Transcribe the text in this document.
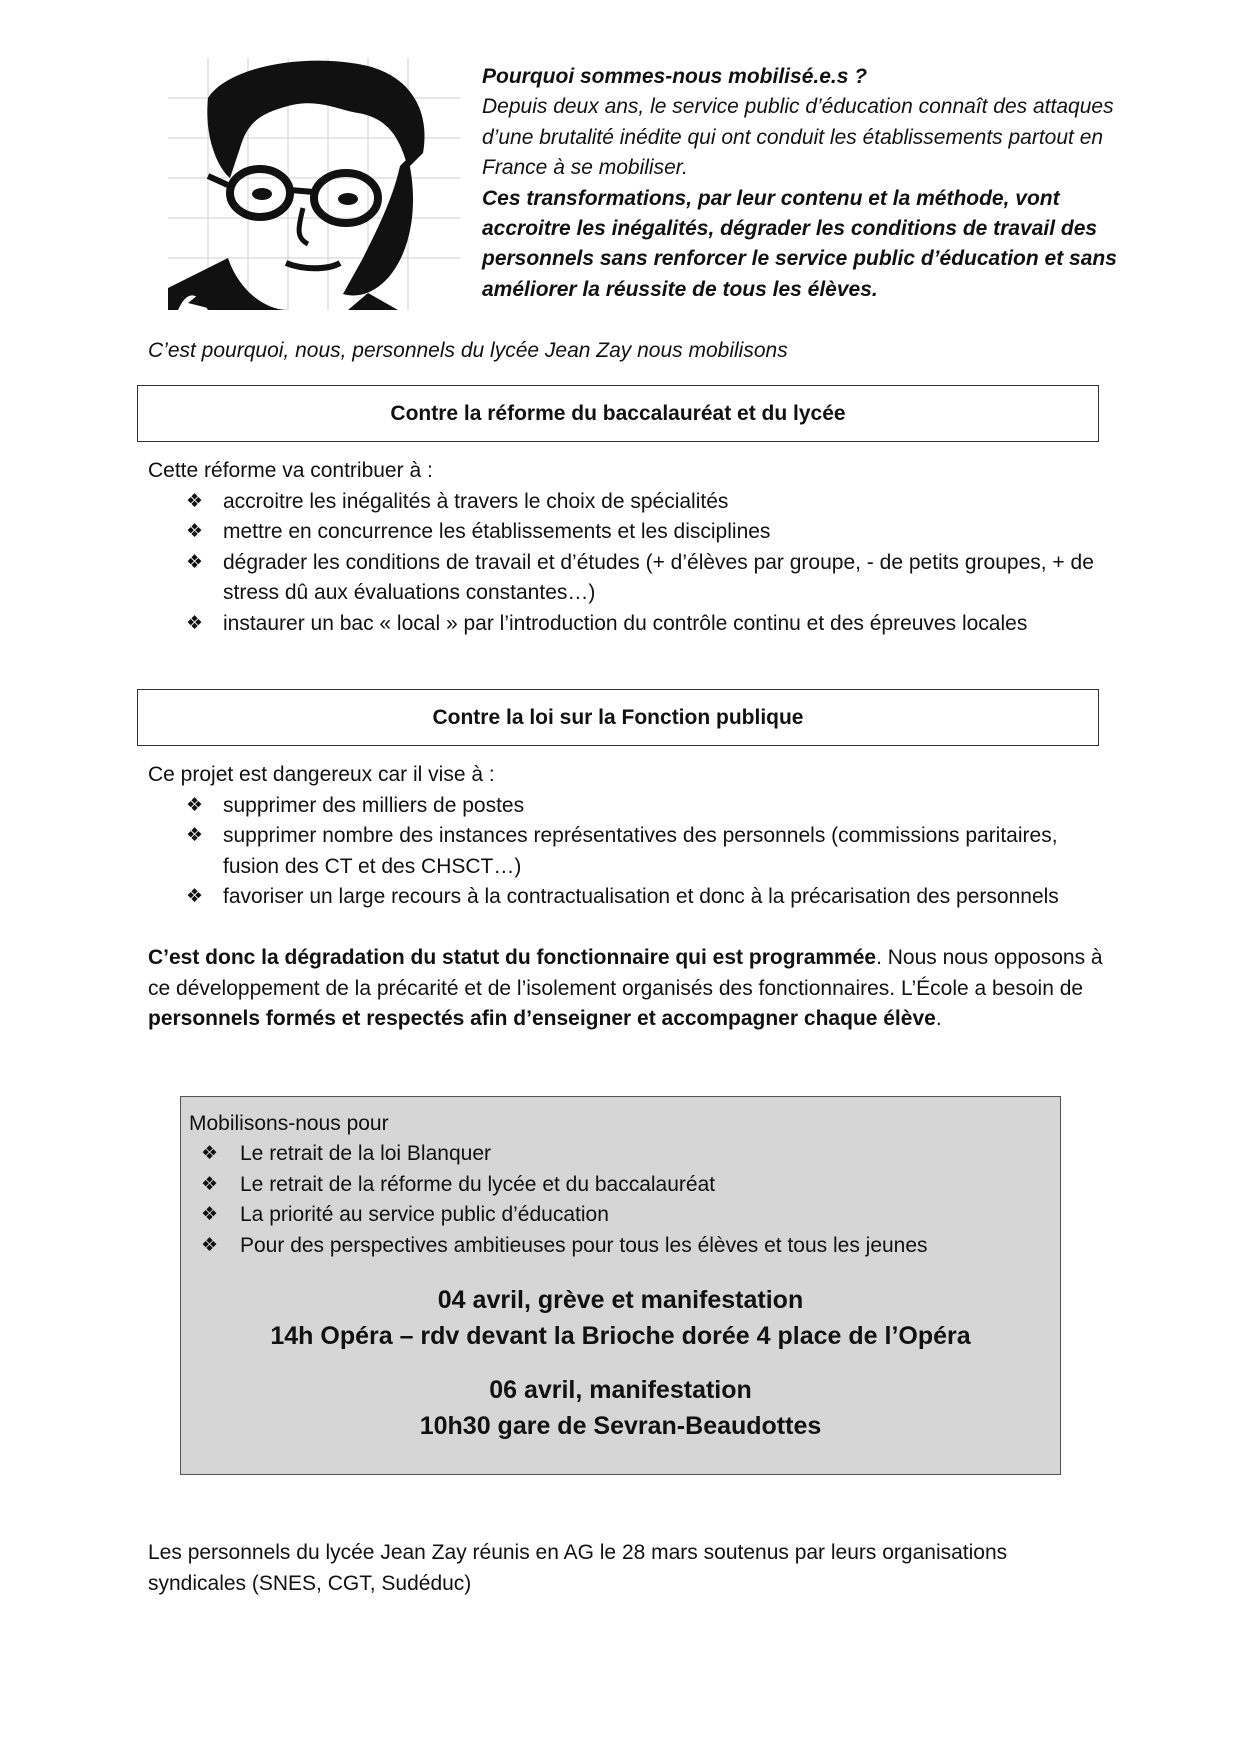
Pourquoi sommes-nous mobilisé.e.s ?
Depuis deux ans, le service public d’éducation connaît des attaques d’une brutalité inédite qui ont conduit les établissements partout en France à se mobiliser.
Ces transformations, par leur contenu et la méthode, vont accroitre les inégalités, dégrader les conditions de travail des personnels sans renforcer le service public d’éducation et sans améliorer la réussite de tous les élèves.
C’est pourquoi, nous, personnels du lycée Jean Zay nous mobilisons
Contre la réforme du baccalauréat et du lycée
Cette réforme va contribuer à :
❖ accroitre les inégalités à travers le choix de spécialités
❖ mettre en concurrence les établissements et les disciplines
❖ dégrader les conditions de travail et d’études (+ d’élèves par groupe, - de petits groupes, + de stress dû aux évaluations constantes…)
❖ instaurer un bac « local » par l’introduction du contrôle continu et des épreuves locales
Contre la loi sur la Fonction publique
Ce projet est dangereux car il vise à :
❖ supprimer des milliers de postes
❖ supprimer nombre des instances représentatives des personnels (commissions paritaires, fusion des CT et des CHSCT…)
❖ favoriser un large recours à la contractualisation et donc à la précarisation des personnels
C’est donc la dégradation du statut du fonctionnaire qui est programmée. Nous nous opposons à ce développement de la précarité et de l’isolement organisés des fonctionnaires. L’École a besoin de personnels formés et respectés afin d’enseigner et accompagner chaque élève.
Mobilisons-nous pour
❖ Le retrait de la loi Blanquer
❖ Le retrait de la réforme du lycée et du baccalauréat
❖ La priorité au service public d’éducation
❖ Pour des perspectives ambitieuses pour tous les élèves et tous les jeunes
04 avril, grève et manifestation
14h Opéra – rdv devant la Brioche dorée 4 place de l’Opéra
06 avril, manifestation
10h30 gare de Sevran-Beaudottes
Les personnels du lycée Jean Zay réunis en AG le 28 mars soutenus par leurs organisations syndicales (SNES, CGT, Sudéduc)
